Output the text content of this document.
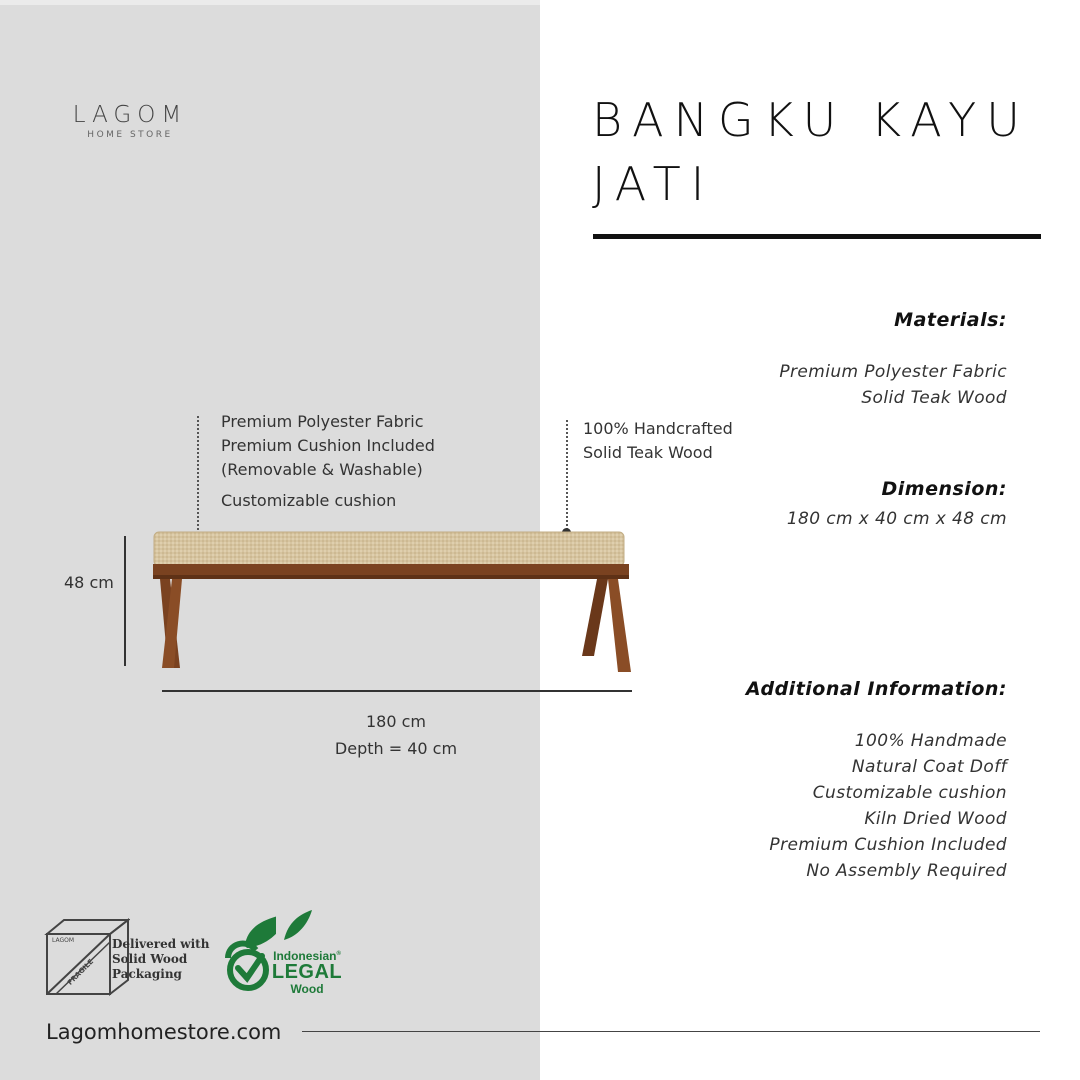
LAGOM
HOME STORE	BANGKU KAYU
JATI
Materials:
Premium Polyester Fabric
Solid Teak Wood
Dimension:
180 cm x 40 cm x 48 cm
Additional Information:
100% Handmade
Natural Coat Doff
Customizable cushion
Kiln Dried Wood
Premium Cushion Included
No Assembly Required
Premium Polyester Fabric
Premium Cushion Included
(Removable & Washable)
Customizable cushion
100% Handcrafted
Solid Teak Wood
48 cm
180 cm
Depth = 40 cm
LAGOM
FRAGILE
Delivered with
Solid Wood
Packaging
Indonesian®
LEGAL
Wood
Lagomhomestore.com
